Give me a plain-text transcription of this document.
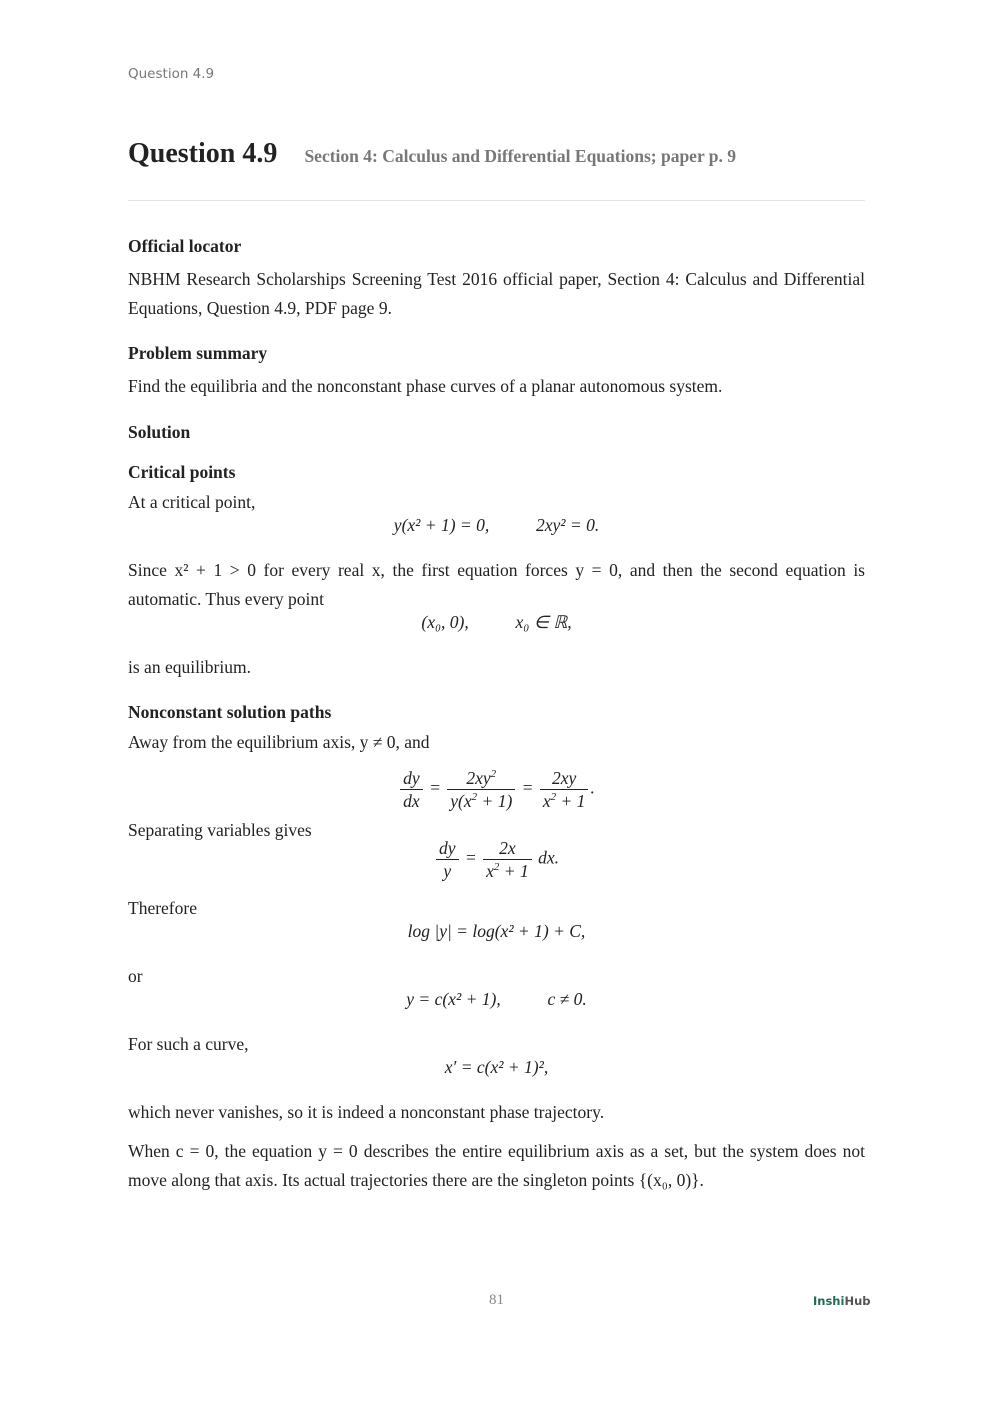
Question 4.9
Question 4.9 Section 4: Calculus and Differential Equations; paper p. 9
Official locator

NBHM Research Scholarships Screening Test 2016 official paper, Section 4: Calculus and Differential Equations, Question 4.9, PDF page 9.

Problem summary

Find the equilibria and the nonconstant phase curves of a planar autonomous system.

Solution
Critical points

At a critical point,

y(x² + 1) = 0,	2xy² = 0.

Since x² + 1 > 0 for every real x, the first equation forces y = 0, and then the second equation is automatic. Thus every point

(x₀, 0),	x₀ ∈ ℝ,

is an equilibrium.

Nonconstant solution paths

Away from the equilibrium axis, y ≠ 0, and

$\frac{dy}{dx} = \frac{2xy^2}{y(x^2 + 1)} = \frac{2xy}{x^2 + 1}$ .

Separating variables gives

$\frac{dy}{y} = \frac{2x}{x^2 + 1}$ dx.

Therefore

log |y| = log(x² + 1) + C,

or

y = c(x² + 1),	c ≠ 0.

For such a curve,

x′ = c(x² + 1)²,

which never vanishes, so it is indeed a nonconstant phase trajectory.

When c = 0, the equation y = 0 describes the entire equilibrium axis as a set, but the system does not move along that axis. Its actual trajectories there are the singleton points {(x₀, 0)}.

81	InshiHub
